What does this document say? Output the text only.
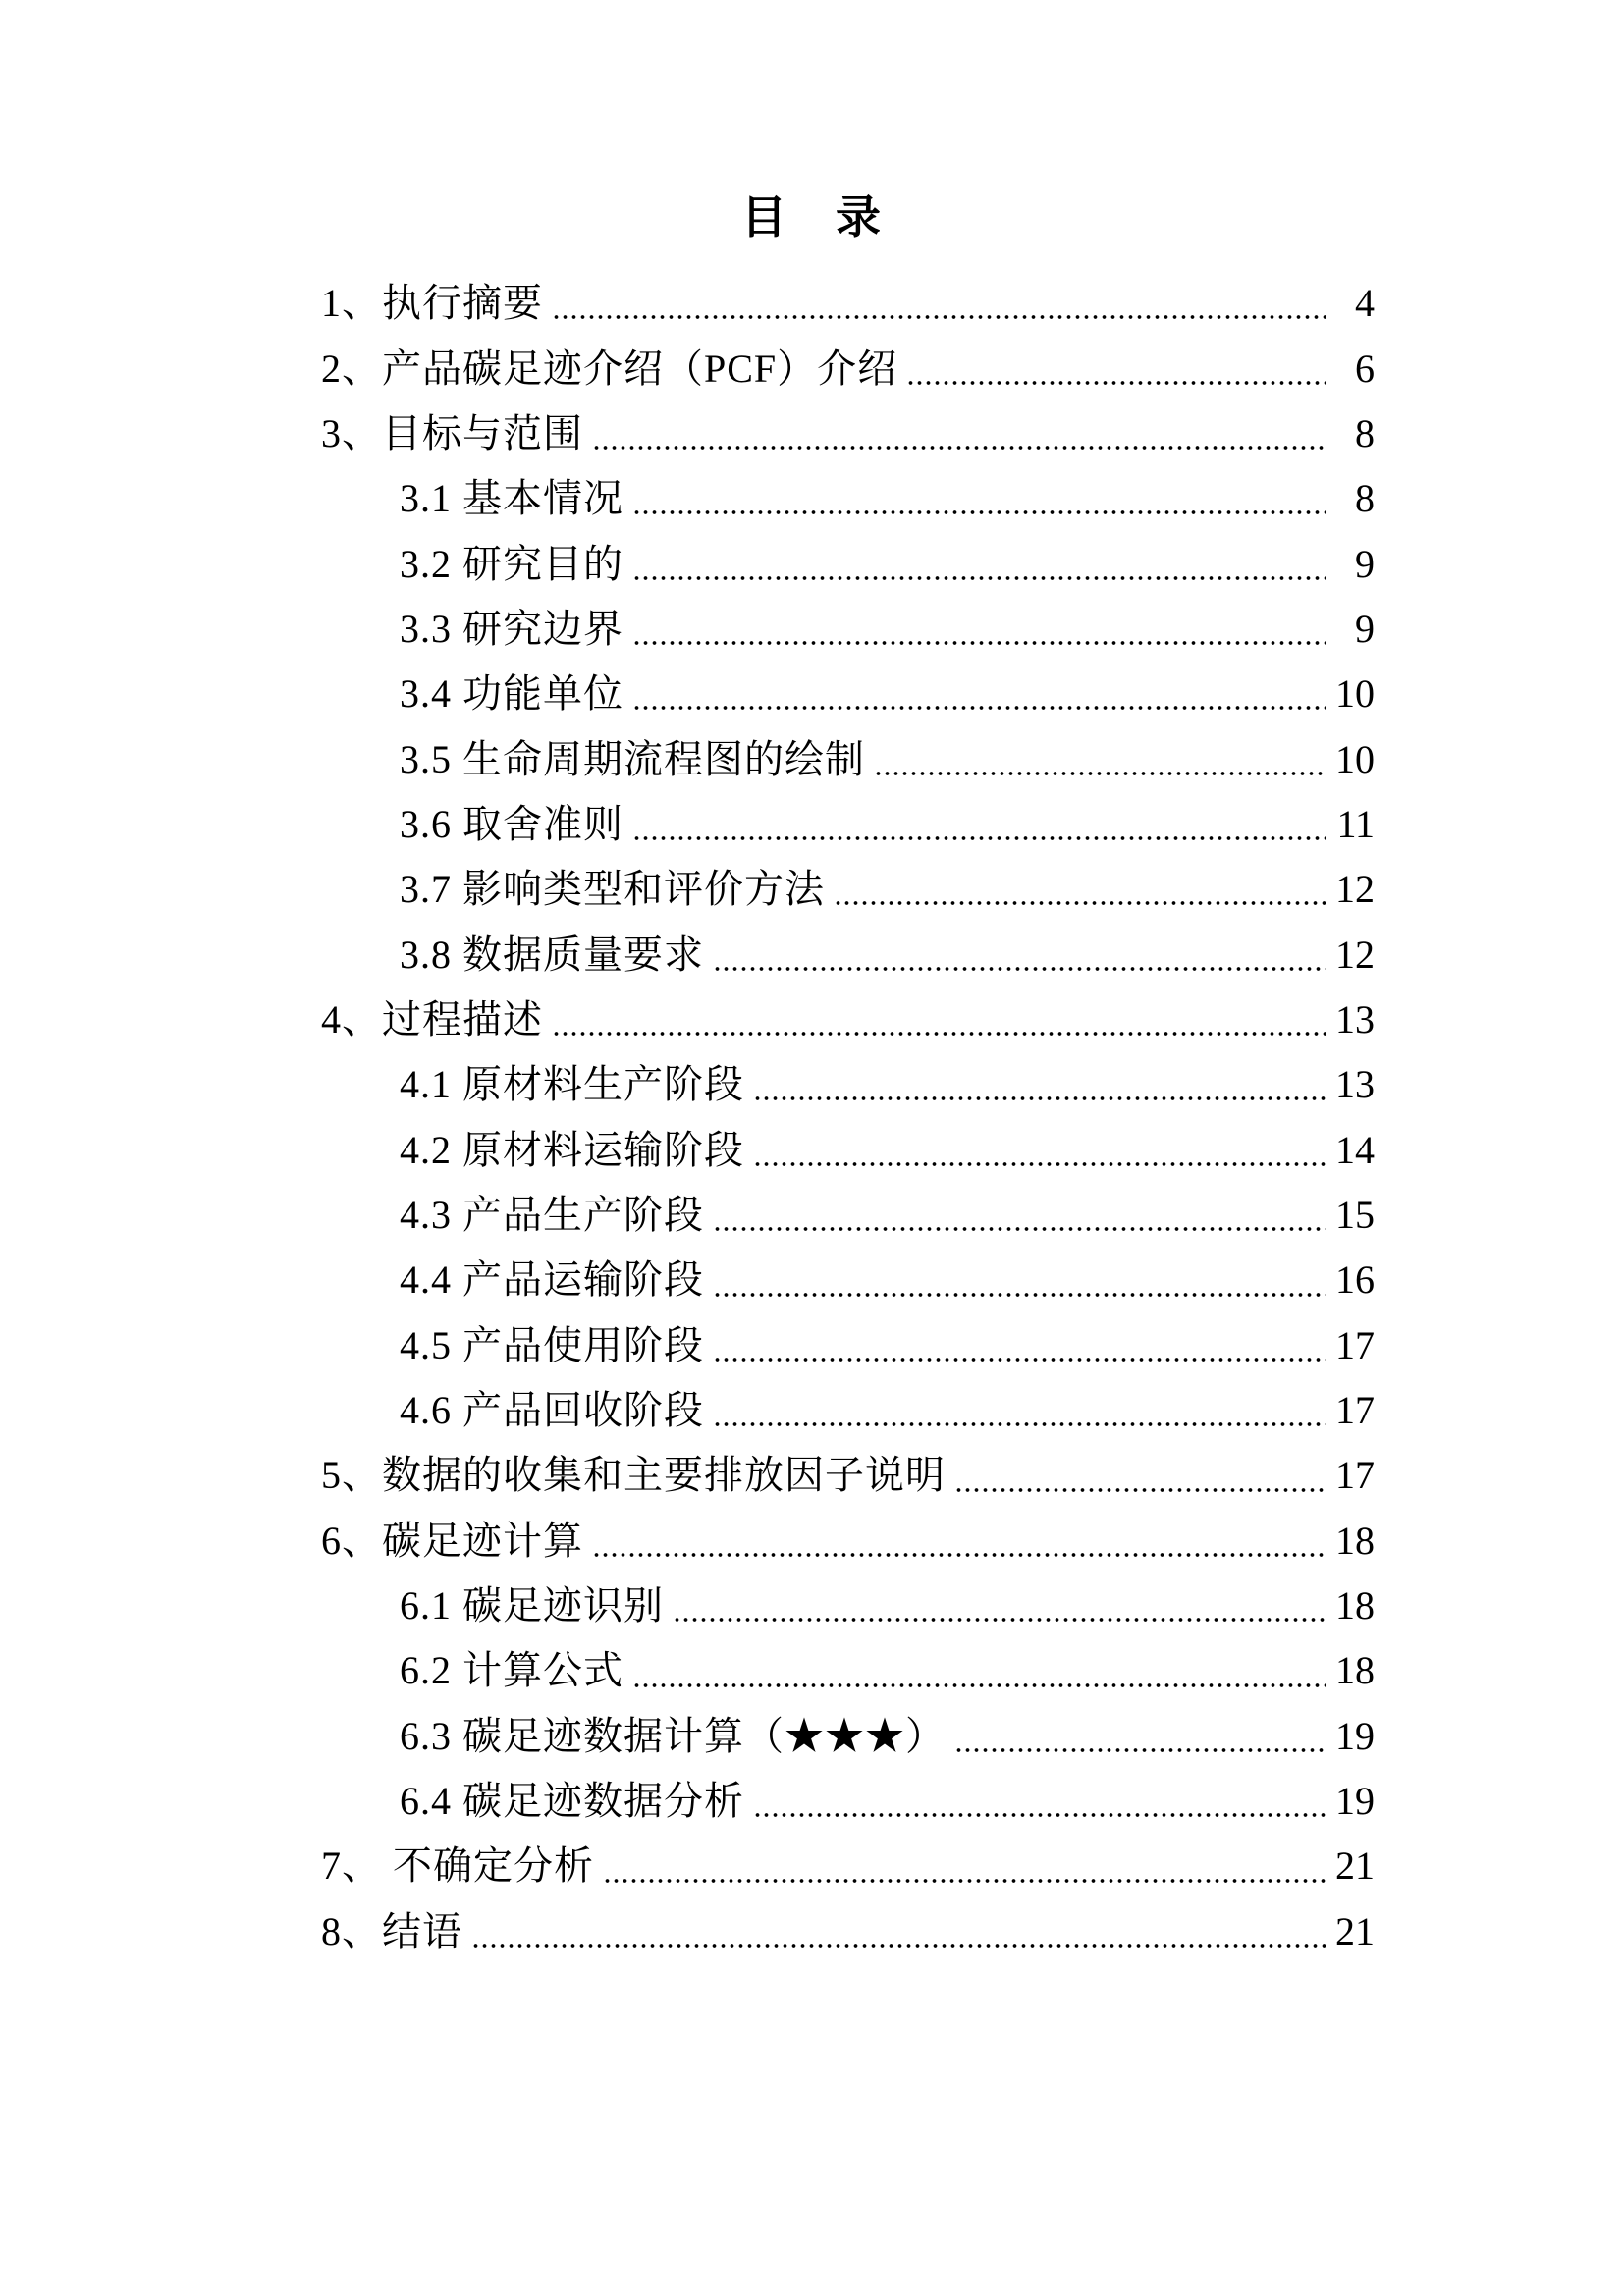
目　录
1、执行摘要	4
2、产品碳足迹介绍（PCF）介绍	6
3、目标与范围	8
3.1 基本情况	8
3.2 研究目的	9
3.3 研究边界	9
3.4 功能单位	10
3.5 生命周期流程图的绘制	10
3.6 取舍准则	11
3.7 影响类型和评价方法	12
3.8 数据质量要求	12
4、过程描述	13
4.1 原材料生产阶段	13
4.2 原材料运输阶段	14
4.3 产品生产阶段	15
4.4 产品运输阶段	16
4.5 产品使用阶段	17
4.6 产品回收阶段	17
5、数据的收集和主要排放因子说明	17
6、碳足迹计算	18
6.1 碳足迹识别	18
6.2 计算公式	18
6.3 碳足迹数据计算（★★★）	19
6.4 碳足迹数据分析	19
7、 不确定分析	21
8、结语	21
